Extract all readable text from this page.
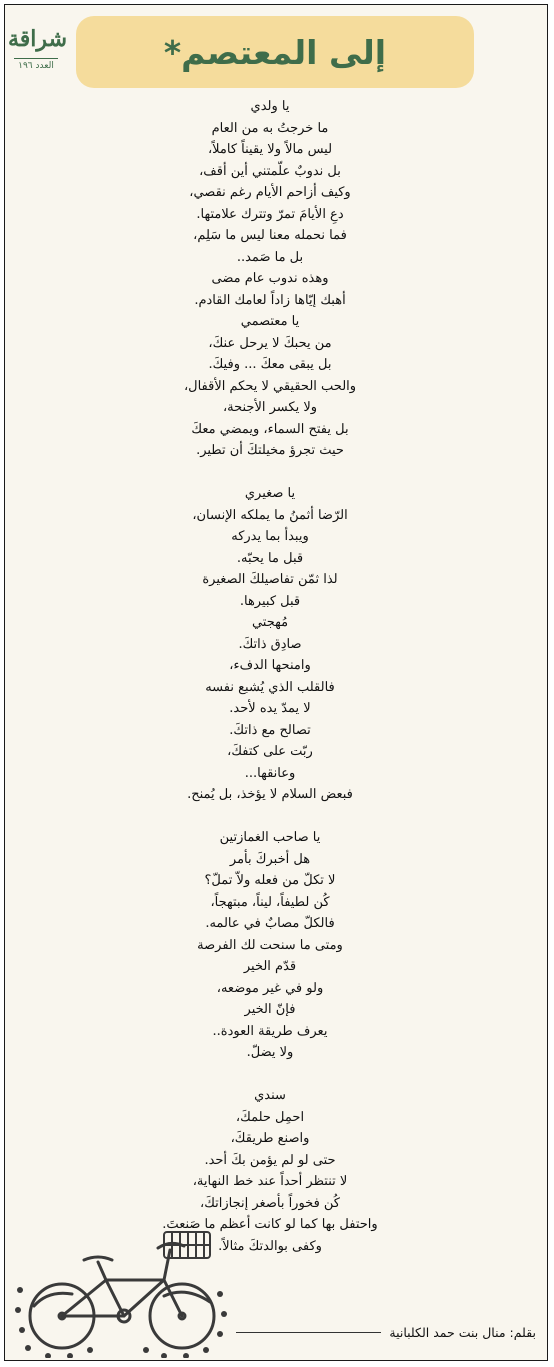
شراقة
العدد ١٩٦	إلى المعتصم*
يا ولدي
ما خرجتُ به من العام
ليس مالاً ولا يقيناً كاملاً،
بل ندوبٌ علّمتني أين أقف،
وكيف أزاحم الأيام رغم نقصي،
دعِ الأيامَ تمرّ وتترك علامتها.
فما نحمله معنا ليس ما سَلِم،
بل ما صَمد..
وهذه ندوب عام مضى
أهبك إيّاها زاداً لعامك القادم.
يا معتصمي
من يحبكَ لا يرحل عنكَ،
بل يبقى معكَ ... وفيكَ.
والحب الحقيقي لا يحكم الأقفال،
ولا يكسر الأجنحة،
بل يفتح السماء، ويمضي معكَ
حيث تجرؤ مخيلتكَ أن تطير.
يا صغيري
الرّضا أثمنُ ما يملكه الإنسان،
ويبدأ بما يدركه
قبل ما يحبّه.
لذا ثمّن تفاصيلكَ الصغيرة
قبل كبيرها.
مُهجتي
صادِق ذاتكَ.
وامنحها الدفء،
فالقلب الذي يُشبع نفسه
لا يمدّ يده لأحد.
تصالح مع ذاتكَ.
ربّت على كتفكَ،
وعانقها...
فبعض السلام لا يؤخذ، بل يُمنح.
يا صاحب الغمازتين
هل أخبركَ بأمر
لا تكلّ من فعله ولاّ تملّ؟
كُن لطيفاً، ليناً، مبتهجاً،
فالكلّ مصابٌ في عالمه.
ومتى ما سنحت لك الفرصة
قدّم الخير
ولو في غير موضعه،
فإنّ الخير
يعرف طريقة العودة..
ولا يضلّ.
سندي
احمِل حلمكَ،
واصنع طريقكَ،
حتى لو لم يؤمن بكَ أحد.
لا تنتظر أحداً عند خط النهاية،
كُن فخوراً بأصغر إنجازاتكَ،
واحتفل بها كما لو كانت أعظم ما صَنعتَ.
وكفى بوالدتكَ مثالاً.
بقلم: منال بنت حمد الكلبانية
